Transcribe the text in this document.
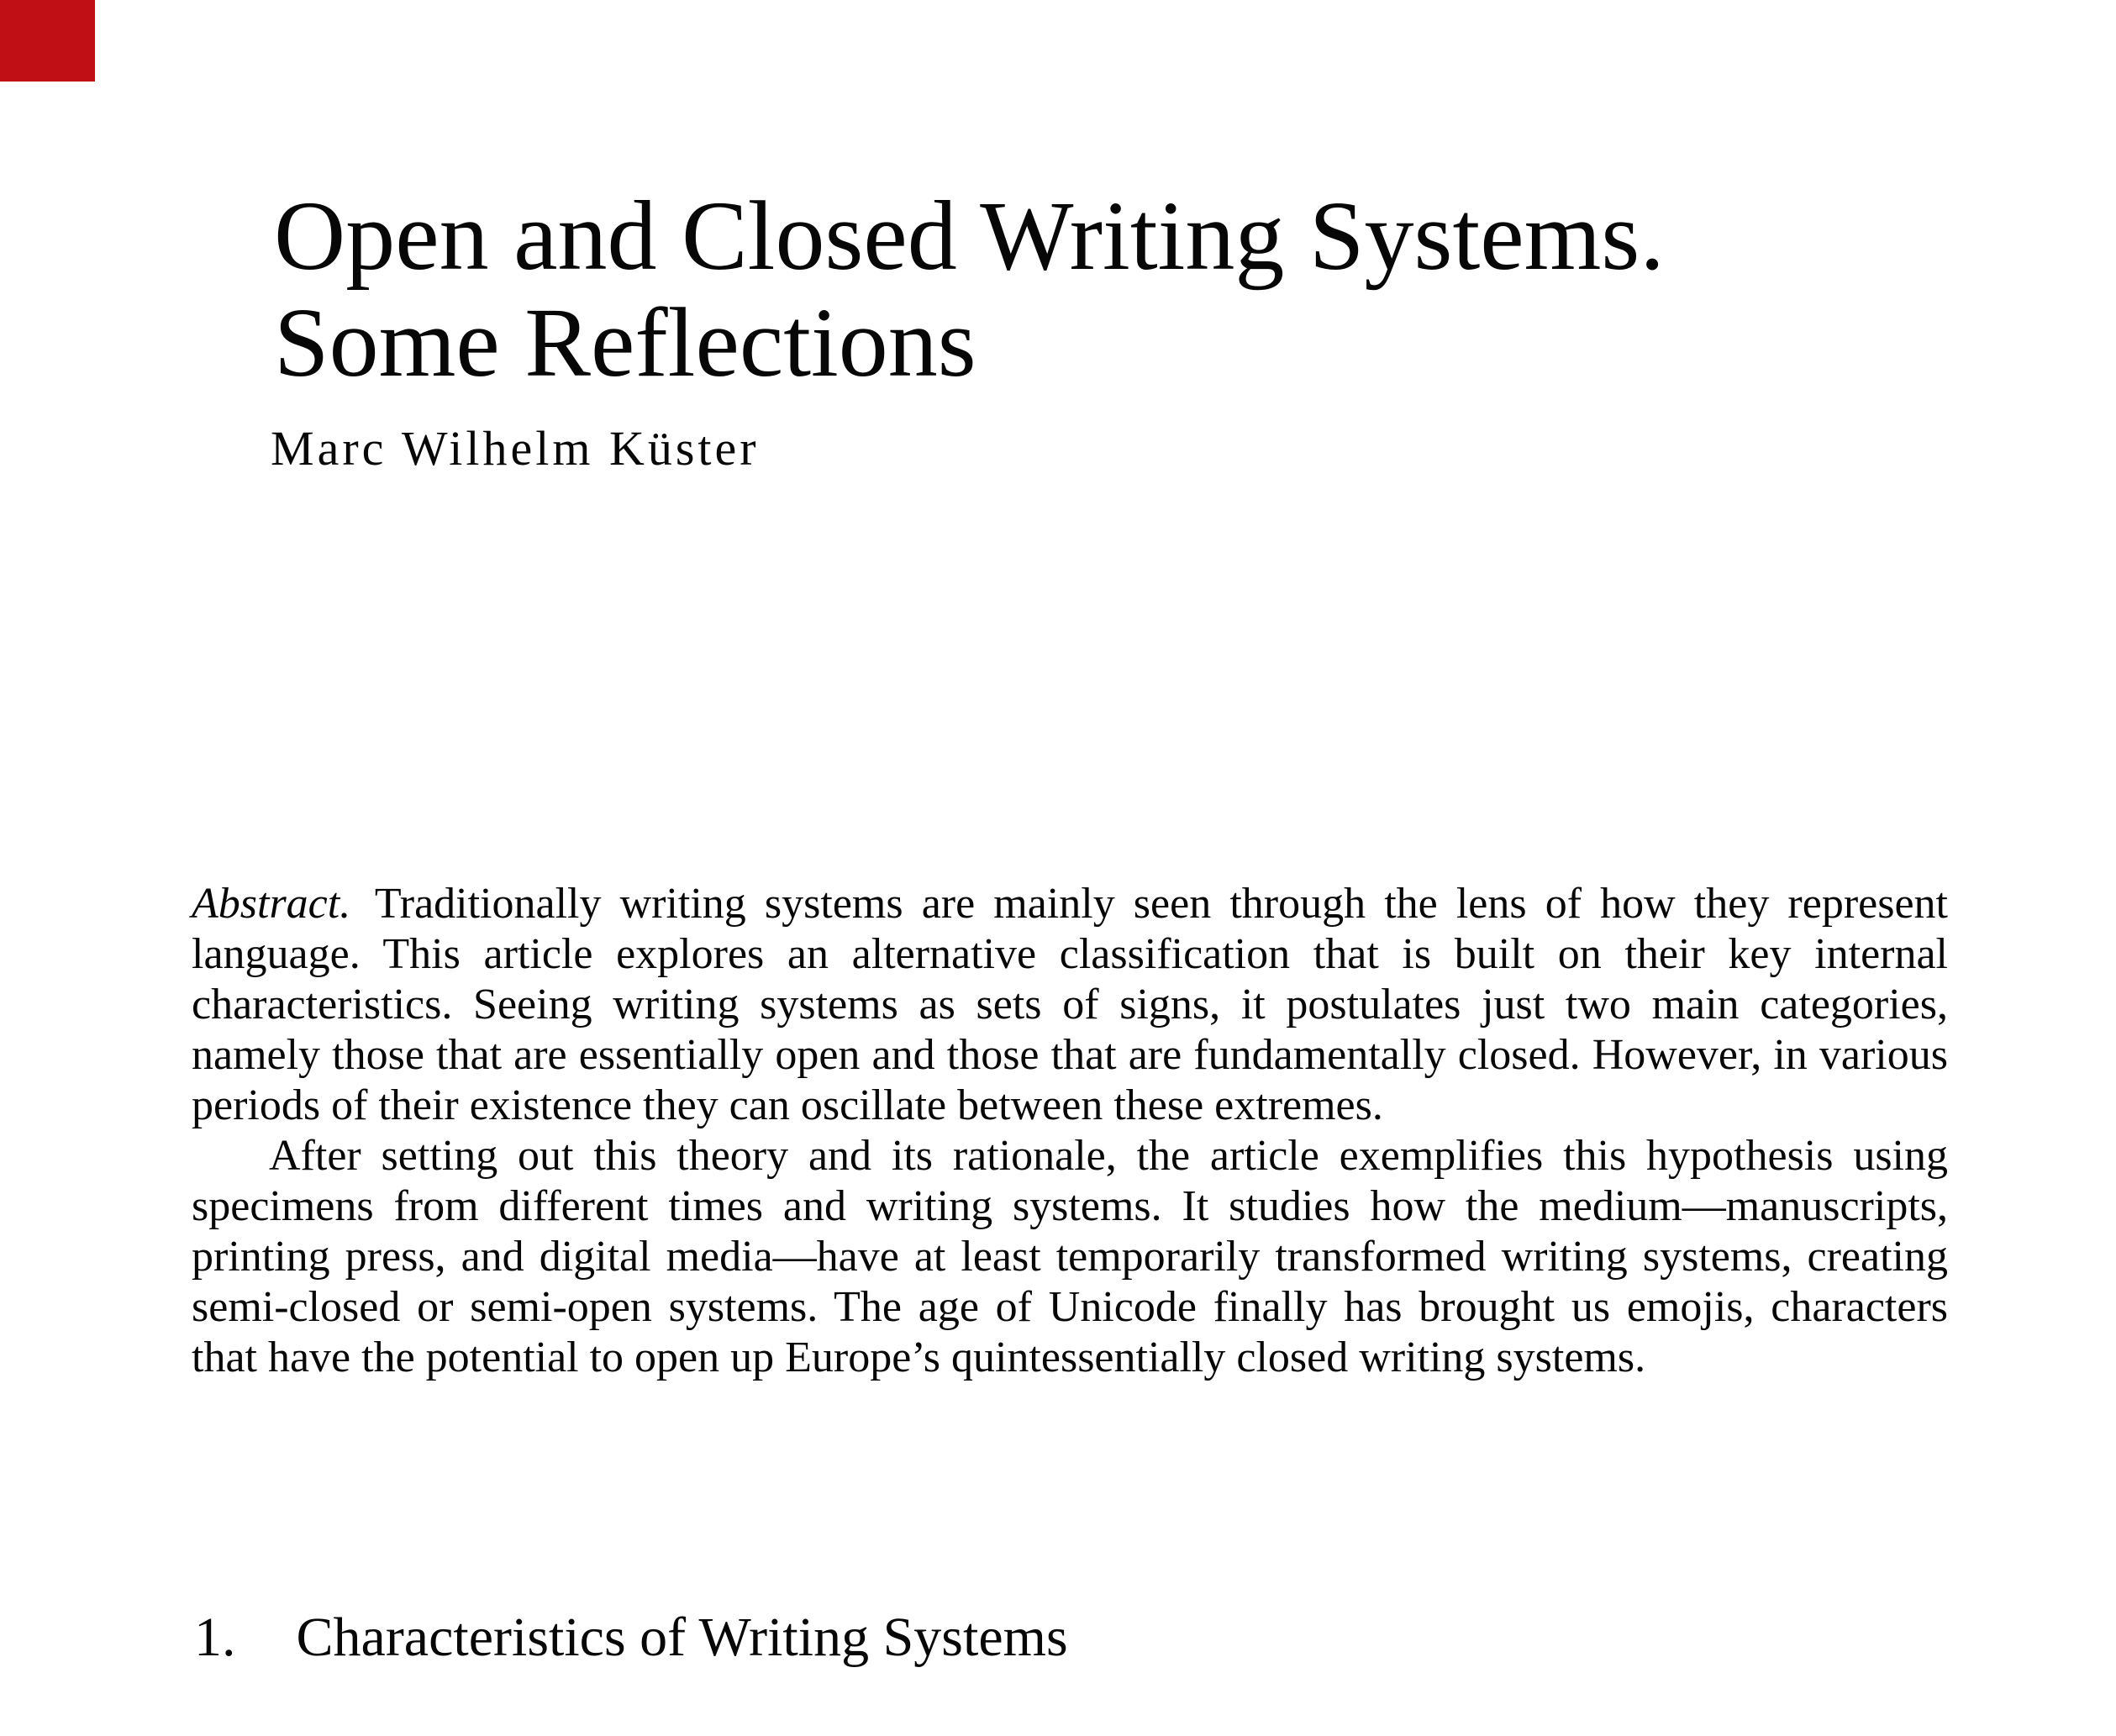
Open and Closed Writing Systems.
Some Reflections
Marc Wilhelm Küster

Abstract. Traditionally writing systems are mainly seen through the lens of how they represent language. This article explores an alternative classification that is built on their key internal characteristics. Seeing writing systems as sets of signs, it postulates just two main categories, namely those that are essentially open and those that are fundamentally closed. However, in various periods of their existence they can oscillate between these extremes.

After setting out this theory and its rationale, the article exemplifies this hypothesis using specimens from different times and writing systems. It studies how the medium—manuscripts, printing press, and digital media—have at least temporarily transformed writing systems, creating semi-closed or semi-open systems. The age of Unicode finally has brought us emojis, characters that have the potential to open up Europe’s quintessentially closed writing systems.

1. Characteristics of Writing Systems
